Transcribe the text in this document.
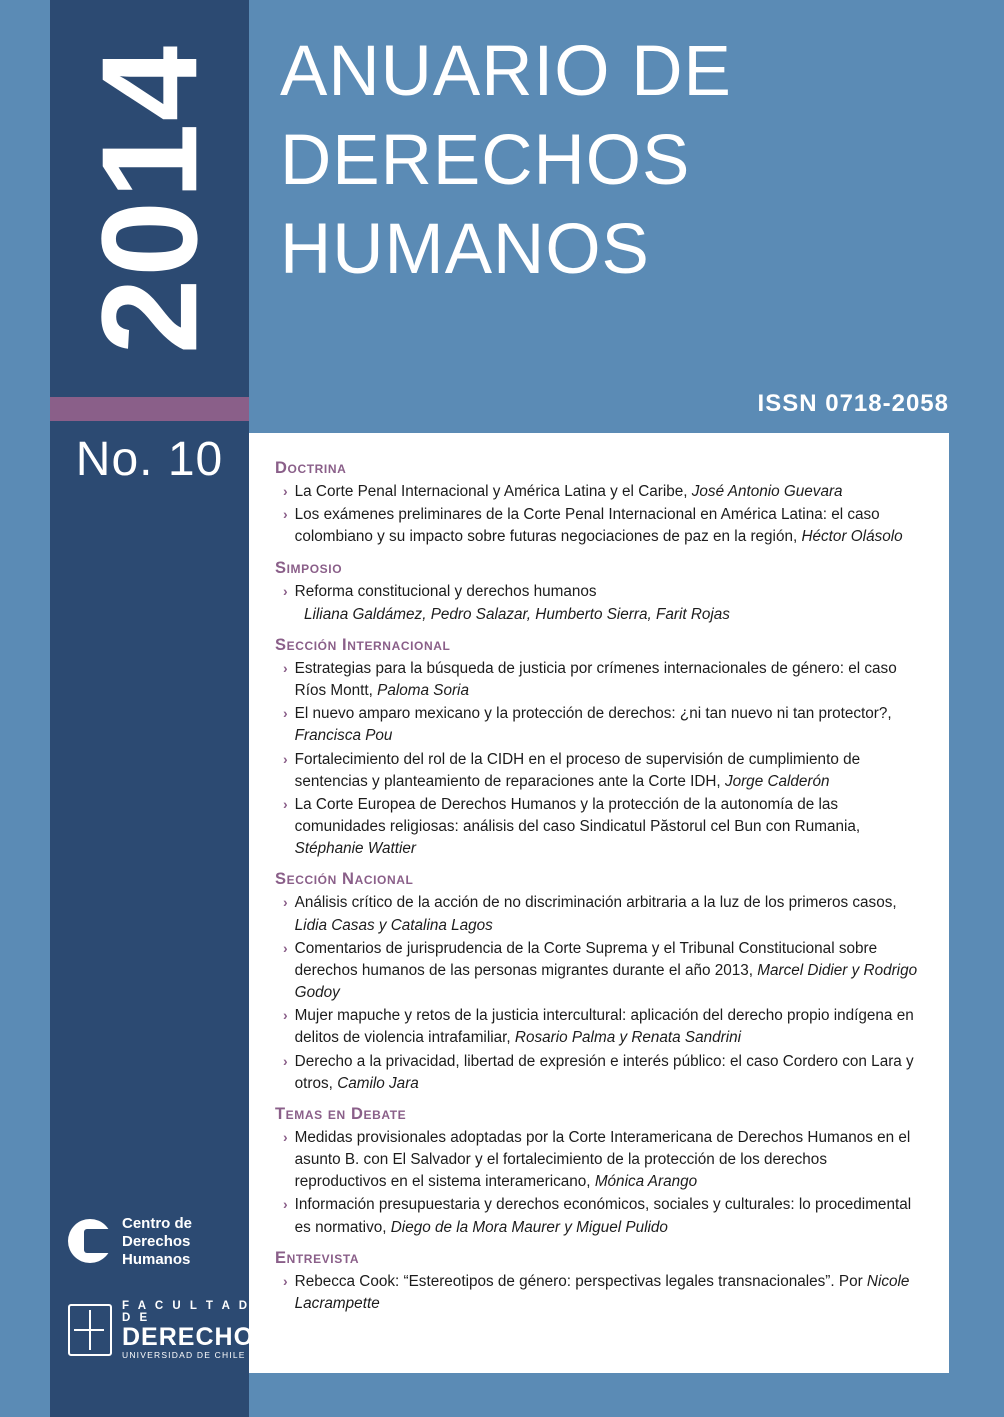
2014
No. 10
ANUARIO DE
DERECHOS
HUMANOS
ISSN 0718-2058
Doctrina
› La Corte Penal Internacional y América Latina y el Caribe, José Antonio Guevara
› Los exámenes preliminares de la Corte Penal Internacional en América Latina: el caso colombiano y su impacto sobre futuras negociaciones de paz en la región, Héctor Olásolo
Simposio
› Reforma constitucional y derechos humanos
Liliana Galdámez, Pedro Salazar, Humberto Sierra, Farit Rojas
Sección Internacional
› Estrategias para la búsqueda de justicia por crímenes internacionales de género: el caso Ríos Montt, Paloma Soria
› El nuevo amparo mexicano y la protección de derechos: ¿ni tan nuevo ni tan protector?, Francisca Pou
› Fortalecimiento del rol de la CIDH en el proceso de supervisión de cumplimiento de sentencias y planteamiento de reparaciones ante la Corte IDH, Jorge Calderón
› La Corte Europea de Derechos Humanos y la protección de la autonomía de las comunidades religiosas: análisis del caso Sindicatul Păstorul cel Bun con Rumania, Stéphanie Wattier
Sección Nacional
› Análisis crítico de la acción de no discriminación arbitraria a la luz de los primeros casos, Lidia Casas y Catalina Lagos
› Comentarios de jurisprudencia de la Corte Suprema y el Tribunal Constitucional sobre derechos humanos de las personas migrantes durante el año 2013, Marcel Didier y Rodrigo Godoy
› Mujer mapuche y retos de la justicia intercultural: aplicación del derecho propio indígena en delitos de violencia intrafamiliar, Rosario Palma y Renata Sandrini
› Derecho a la privacidad, libertad de expresión e interés público: el caso Cordero con Lara y otros, Camilo Jara
Temas en Debate
› Medidas provisionales adoptadas por la Corte Interamericana de Derechos Humanos en el asunto B. con El Salvador y el fortalecimiento de la protección de los derechos reproductivos en el sistema interamericano, Mónica Arango
› Información presupuestaria y derechos económicos, sociales y culturales: lo procedimental es normativo, Diego de la Mora Maurer y Miguel Pulido
Entrevista
› Rebecca Cook: “Estereotipos de género: perspectivas legales transnacionales”. Por Nicole Lacrampette
Centro de
Derechos
Humanos
F A C U L T A D D E
DERECHO
UNIVERSIDAD DE CHILE
